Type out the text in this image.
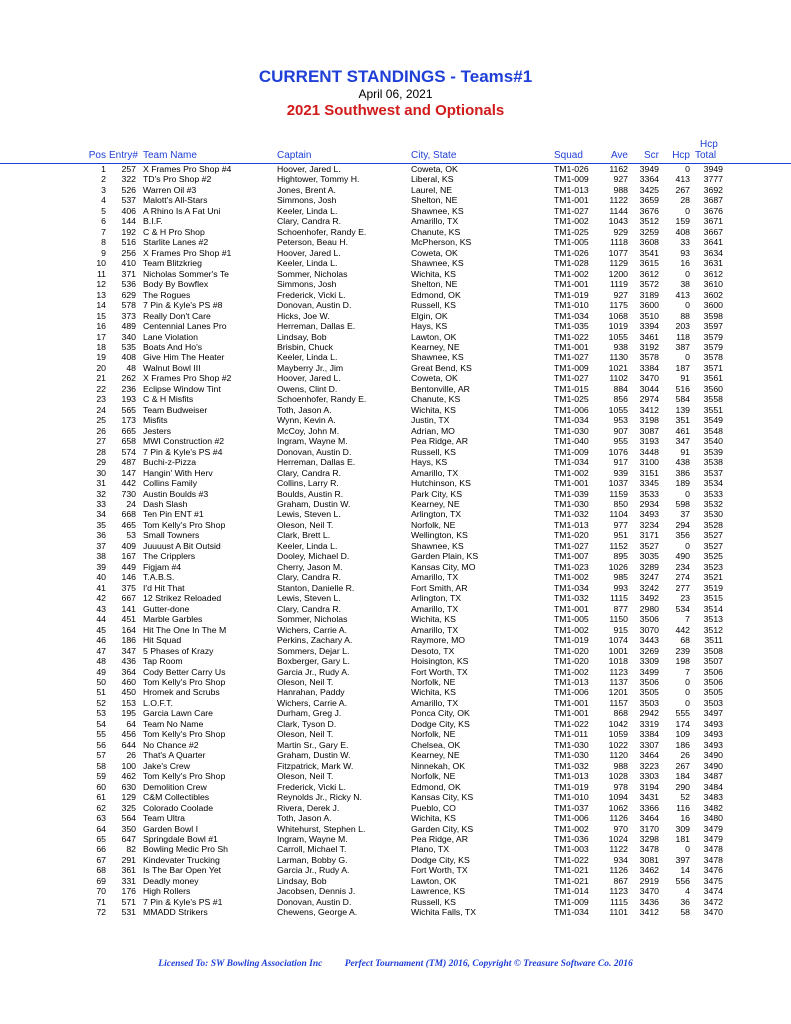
CURRENT STANDINGS - Teams#1
April 06, 2021
2021 Southwest and Optionals
Pos Entry# Team Name	Captain	City, State	Squad	Ave	Scr	Hcp
Hcp
Total
1	257 X Frames Pro Shop #4	Hoover, Jared L.	Coweta, OK	TM1-026	1162	3949	0	3949
2	322 TD's Pro Shop #2	Hightower, Tommy H.	Liberal, KS	TM1-009	927	3364	413	3777
3	526 Warren Oil #3	Jones, Brent A.	Laurel, NE	TM1-013	988	3425	267	3692
4	537 Malott's All-Stars	Simmons, Josh	Shelton, NE	TM1-001	1122	3659	28	3687
5	406 A Rhino Is A Fat Uni	Keeler, Linda L.	Shawnee, KS	TM1-027	1144	3676	0	3676
6	144 B.I.F.	Clary, Candra R.	Amarillo, TX	TM1-002	1043	3512	159	3671
7	192 C & H Pro Shop	Schoenhofer, Randy E.	Chanute, KS	TM1-025	929	3259	408	3667
8	516 Starlite Lanes #2	Peterson, Beau H.	McPherson, KS	TM1-005	1118	3608	33	3641
9	256 X Frames Pro Shop #1	Hoover, Jared L.	Coweta, OK	TM1-026	1077	3541	93	3634
10	410 Team Blitzkrieg	Keeler, Linda L.	Shawnee, KS	TM1-028	1129	3615	16	3631
11	371 Nicholas Sommer's Te	Sommer, Nicholas	Wichita, KS	TM1-002	1200	3612	0	3612
12	536 Body By Bowflex	Simmons, Josh	Shelton, NE	TM1-001	1119	3572	38	3610
13	629 The Rogues	Frederick, Vicki L.	Edmond, OK	TM1-019	927	3189	413	3602
14	578 7 Pin & Kyle's PS #8	Donovan, Austin D.	Russell, KS	TM1-010	1175	3600	0	3600
15	373 Really Don't Care	Hicks, Joe W.	Elgin, OK	TM1-034	1068	3510	88	3598
16	489 Centennial Lanes Pro	Herreman, Dallas E.	Hays, KS	TM1-035	1019	3394	203	3597
17	340 Lane Violation	Lindsay, Bob	Lawton, OK	TM1-022	1055	3461	118	3579
18	535 Boats And Ho's	Brisbin, Chuck	Kearney, NE	TM1-001	938	3192	387	3579
19	408 Give Him The Heater	Keeler, Linda L.	Shawnee, KS	TM1-027	1130	3578	0	3578
20	48 Walnut Bowl III	Mayberry Jr., Jim	Great Bend, KS	TM1-009	1021	3384	187	3571
21	262 X Frames Pro Shop #2	Hoover, Jared L.	Coweta, OK	TM1-027	1102	3470	91	3561
22	236 Eclipse Window Tint	Owens, Clint D.	Bentonville, AR	TM1-015	884	3044	516	3560
23	193 C & H Misfits	Schoenhofer, Randy E.	Chanute, KS	TM1-025	856	2974	584	3558
24	565 Team Budweiser	Toth, Jason A.	Wichita, KS	TM1-006	1055	3412	139	3551
25	173 Misfits	Wynn, Kevin A.	Justin, TX	TM1-034	953	3198	351	3549
26	665 Jesters	McCoy, John M.	Adrian, MO	TM1-030	907	3087	461	3548
27	658 MWI Construction #2	Ingram, Wayne M.	Pea Ridge, AR	TM1-040	955	3193	347	3540
28	574 7 Pin & Kyle's PS #4	Donovan, Austin D.	Russell, KS	TM1-009	1076	3448	91	3539
29	487 Buchi-z-Pizza	Herreman, Dallas E.	Hays, KS	TM1-034	917	3100	438	3538
30	147 Hangin' With Herv	Clary, Candra R.	Amarillo, TX	TM1-002	939	3151	386	3537
31	442 Collins Family	Collins, Larry R.	Hutchinson, KS	TM1-001	1037	3345	189	3534
32	730 Austin Boulds #3	Boulds, Austin R.	Park City, KS	TM1-039	1159	3533	0	3533
33	24 Dash Slash	Graham, Dustin W.	Kearney, NE	TM1-030	850	2934	598	3532
34	668 Ten Pin ENT #1	Lewis, Steven L.	Arlington, TX	TM1-032	1104	3493	37	3530
35	465 Tom Kelly's Pro Shop	Oleson, Neil T.	Norfolk, NE	TM1-013	977	3234	294	3528
36	53 Small Towners	Clark, Brett L.	Wellington, KS	TM1-020	951	3171	356	3527
37	409 Juuuust A Bit Outsid	Keeler, Linda L.	Shawnee, KS	TM1-027	1152	3527	0	3527
38	167 The Cripplers	Dooley, Michael D.	Garden Plain, KS	TM1-007	895	3035	490	3525
39	449 Figjam #4	Cherry, Jason M.	Kansas City, MO	TM1-023	1026	3289	234	3523
40	146 T.A.B.S.	Clary, Candra R.	Amarillo, TX	TM1-002	985	3247	274	3521
41	375 I'd Hit That	Stanton, Danielle R.	Fort Smith, AR	TM1-034	993	3242	277	3519
42	667 12 Strikez Reloaded	Lewis, Steven L.	Arlington, TX	TM1-032	1115	3492	23	3515
43	141 Gutter-done	Clary, Candra R.	Amarillo, TX	TM1-001	877	2980	534	3514
44	451 Marble Garbles	Sommer, Nicholas	Wichita, KS	TM1-005	1150	3506	7	3513
45	164 Hit The One In The M	Wichers, Carrie A.	Amarillo, TX	TM1-002	915	3070	442	3512
46	186 Hit Squad	Perkins, Zachary A.	Raymore, MO	TM1-019	1074	3443	68	3511
47	347 5 Phases of Krazy	Sommers, Dejar L.	Desoto, TX	TM1-020	1001	3269	239	3508
48	436 Tap Room	Boxberger, Gary L.	Hoisington, KS	TM1-020	1018	3309	198	3507
49	364 Cody Better Carry Us	Garcia Jr., Rudy A.	Fort Worth, TX	TM1-002	1123	3499	7	3506
50	460 Tom Kelly's Pro Shop	Oleson, Neil T.	Norfolk, NE	TM1-013	1137	3506	0	3506
51	450 Hromek and Scrubs	Hanrahan, Paddy	Wichita, KS	TM1-006	1201	3505	0	3505
52	153 L.O.F.T.	Wichers, Carrie A.	Amarillo, TX	TM1-001	1157	3503	0	3503
53	195 Garcia Lawn Care	Durham, Greg J.	Ponca City, OK	TM1-001	868	2942	555	3497
54	64 Team No Name	Clark, Tyson D.	Dodge City, KS	TM1-022	1042	3319	174	3493
55	456 Tom Kelly's Pro Shop	Oleson, Neil T.	Norfolk, NE	TM1-011	1059	3384	109	3493
56	644 No Chance #2	Martin Sr., Gary E.	Chelsea, OK	TM1-030	1022	3307	186	3493
57	26 That's A Quarter	Graham, Dustin W.	Kearney, NE	TM1-030	1120	3464	26	3490
58	100 Jake's Crew	Fitzpatrick, Mark W.	Ninnekah, OK	TM1-032	988	3223	267	3490
59	462 Tom Kelly's Pro Shop	Oleson, Neil T.	Norfolk, NE	TM1-013	1028	3303	184	3487
60	630 Demolition Crew	Frederick, Vicki L.	Edmond, OK	TM1-019	978	3194	290	3484
61	129 C&M Collectibles	Reynolds Jr., Ricky N.	Kansas City, KS	TM1-010	1094	3431	52	3483
62	325 Colorado Coolade	Rivera, Derek J.	Pueblo, CO	TM1-037	1062	3366	116	3482
63	564 Team Ultra	Toth, Jason A.	Wichita, KS	TM1-006	1126	3464	16	3480
64	350 Garden Bowl I	Whitehurst, Stephen L.	Garden City, KS	TM1-002	970	3170	309	3479
65	647 Springdale Bowl #1	Ingram, Wayne M.	Pea Ridge, AR	TM1-036	1024	3298	181	3479
66	82 Bowling Medic Pro Sh	Carroll, Michael T.	Plano, TX	TM1-003	1122	3478	0	3478
67	291 Kindevater Trucking	Larman, Bobby G.	Dodge City, KS	TM1-022	934	3081	397	3478
68	361 Is The Bar Open Yet	Garcia Jr., Rudy A.	Fort Worth, TX	TM1-021	1126	3462	14	3476
69	331 Deadly money	Lindsay, Bob	Lawton, OK	TM1-021	867	2919	556	3475
70	176 High Rollers	Jacobsen, Dennis J.	Lawrence, KS	TM1-014	1123	3470	4	3474
71	571 7 Pin & Kyle's PS #1	Donovan, Austin D.	Russell, KS	TM1-009	1115	3436	36	3472
72	531 MMADD Strikers	Chewens, George A.	Wichita Falls, TX	TM1-034	1101	3412	58	3470
Licensed To: SW Bowling Association Inc Perfect Tournament (TM) 2016, Copyright © Treasure Software Co. 2016
